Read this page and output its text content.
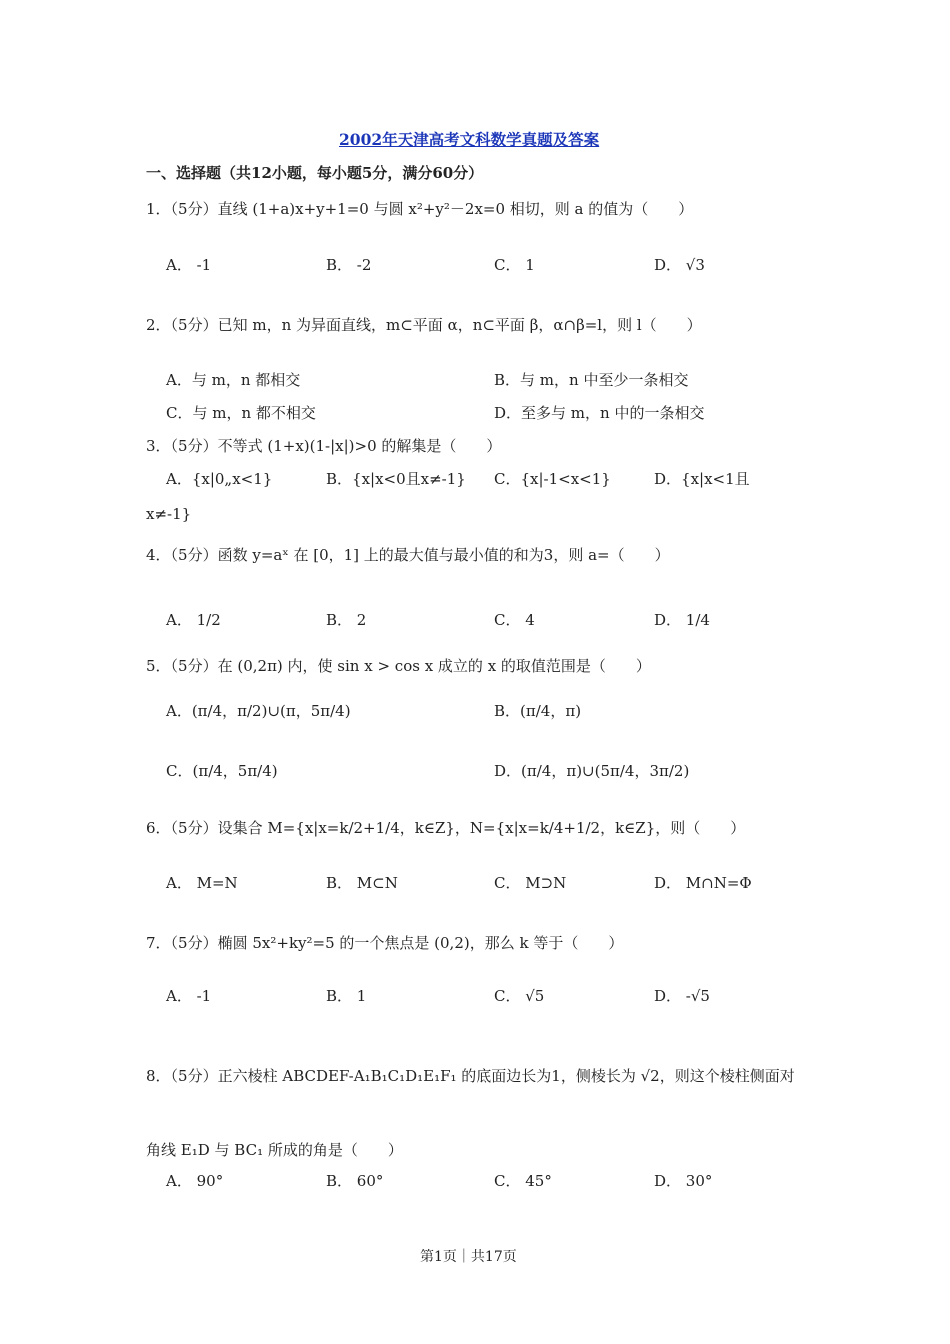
2002年天津高考文科数学真题及答案
一、选择题（共12小题，每小题5分，满分60分）
1．（5分）直线 (1+a)x+y+1=0 与圆 x²+y²－2x=0 相切，则 a 的值为（　　）
A． -1	B． -2	C． 1	D． √3
2．（5分）已知 m，n 为异面直线，m⊂平面 α，n⊂平面 β，α∩β=l，则 l（　　）
A．与 m，n 都相交	B．与 m，n 中至少一条相交
C．与 m，n 都不相交	D．至多与 m，n 中的一条相交
3．（5分）不等式 (1+x)(1-|x|)>0 的解集是（　　）
A．{x|0„x<1}	B．{x|x<0且x≠-1} C．{x|-1<x<1}	D．{x|x<1且
x≠-1}
4．（5分）函数 y=aˣ 在 [0，1] 上的最大值与最小值的和为3，则 a=（　　）
A． 1/2	B． 2	C． 4	D． 1/4
5．（5分）在 (0,2π) 内，使 sin x > cos x 成立的 x 的取值范围是（　　）
A．(π/4，π/2)∪(π，5π/4)	B．(π/4，π)
C．(π/4，5π/4)	D．(π/4，π)∪(5π/4，3π/2)
6．（5分）设集合 M={x|x=k/2+1/4，k∈Z}，N={x|x=k/4+1/2，k∈Z}，则（　　）
A． M=N	B． M⊂N	C． M⊃N	D． M∩N=Φ
7．（5分）椭圆 5x²+ky²=5 的一个焦点是 (0,2)，那么 k 等于（　　）
A． -1	B． 1	C． √5	D． -√5
8．（5分）正六棱柱 ABCDEF-A₁B₁C₁D₁E₁F₁ 的底面边长为1，侧棱长为 √2，则这个棱柱侧面对角线 E₁D 与 BC₁ 所成的角是（　　）
A． 90°	B． 60°	C． 45°	D． 30°
第1页｜共17页
